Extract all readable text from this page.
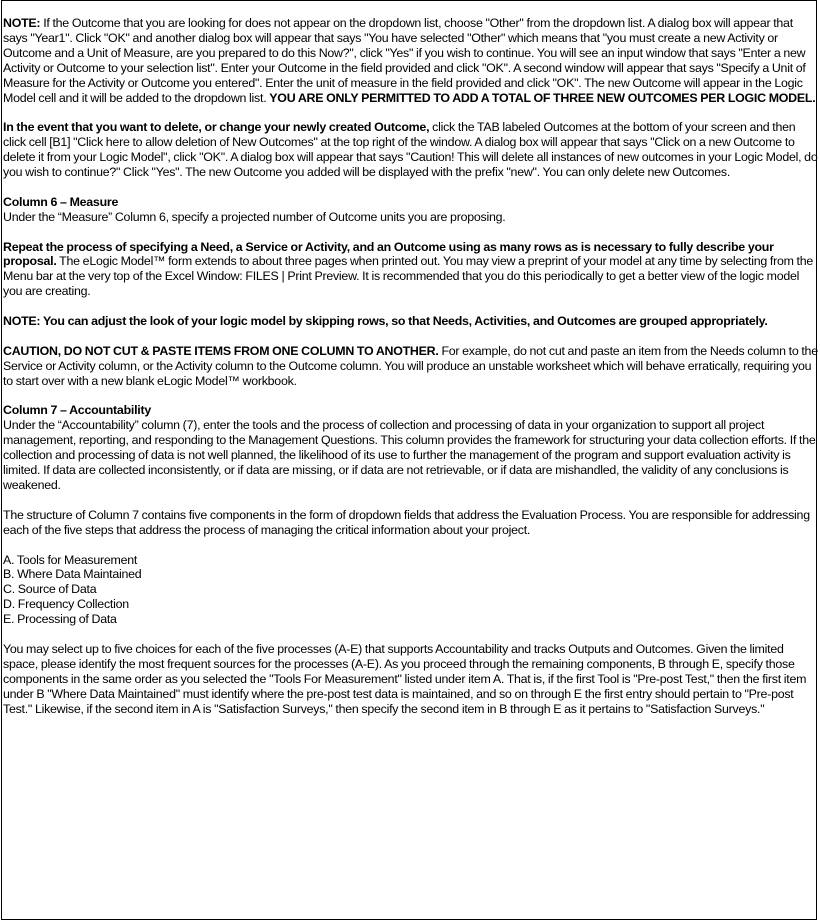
NOTE: If the Outcome that you are looking for does not appear on the dropdown list, choose "Other" from the dropdown list. A dialog box will appear that says "Year1". Click "OK" and another dialog box will appear that says "You have selected "Other" which means that "you must create a new Activity or Outcome and a Unit of Measure, are you prepared to do this Now?", click "Yes" if you wish to continue. You will see an input window that says "Enter a new Activity or Outcome to your selection list". Enter your Outcome in the field provided and click "OK". A second window will appear that says "Specify a Unit of Measure for the Activity or Outcome you entered". Enter the unit of measure in the field provided and click "OK". The new Outcome will appear in the Logic Model cell and it will be added to the dropdown list. YOU ARE ONLY PERMITTED TO ADD A TOTAL OF THREE NEW OUTCOMES PER LOGIC MODEL.

In the event that you want to delete, or change your newly created Outcome, click the TAB labeled Outcomes at the bottom of your screen and then click cell [B1] "Click here to allow deletion of New Outcomes" at the top right of the window. A dialog box will appear that says "Click on a new Outcome to delete it from your Logic Model", click "OK". A dialog box will appear that says "Caution! This will delete all instances of new outcomes in your Logic Model, do you wish to continue?" Click "Yes". The new Outcome you added will be displayed with the prefix "new". You can only delete new Outcomes.

Column 6 – Measure
Under the “Measure” Column 6, specify a projected number of Outcome units you are proposing.

Repeat the process of specifying a Need, a Service or Activity, and an Outcome using as many rows as is necessary to fully describe your proposal. The eLogic Model™ form extends to about three pages when printed out. You may view a preprint of your model at any time by selecting from the Menu bar at the very top of the Excel Window: FILES | Print Preview. It is recommended that you do this periodically to get a better view of the logic model you are creating.

NOTE: You can adjust the look of your logic model by skipping rows, so that Needs, Activities, and Outcomes are grouped appropriately.

CAUTION, DO NOT CUT & PASTE ITEMS FROM ONE COLUMN TO ANOTHER. For example, do not cut and paste an item from the Needs column to the Service or Activity column, or the Activity column to the Outcome column. You will produce an unstable worksheet which will behave erratically, requiring you to start over with a new blank eLogic Model™ workbook.

Column 7 – Accountability
Under the “Accountability” column (7), enter the tools and the process of collection and processing of data in your organization to support all project management, reporting, and responding to the Management Questions. This column provides the framework for structuring your data collection efforts. If the collection and processing of data is not well planned, the likelihood of its use to further the management of the program and support evaluation activity is limited. If data are collected inconsistently, or if data are missing, or if data are not retrievable, or if data are mishandled, the validity of any conclusions is weakened.

The structure of Column 7 contains five components in the form of dropdown fields that address the Evaluation Process. You are responsible for addressing each of the five steps that address the process of managing the critical information about your project.

A. Tools for Measurement
B. Where Data Maintained
C. Source of Data
D. Frequency Collection
E. Processing of Data

You may select up to five choices for each of the five processes (A-E) that supports Accountability and tracks Outputs and Outcomes. Given the limited space, please identify the most frequent sources for the processes (A-E). As you proceed through the remaining components, B through E, specify those components in the same order as you selected the "Tools For Measurement" listed under item A. That is, if the first Tool is "Pre-post Test," then the first item under B "Where Data Maintained" must identify where the pre-post test data is maintained, and so on through E the first entry should pertain to "Pre-post Test." Likewise, if the second item in A is "Satisfaction Surveys," then specify the second item in B through E as it pertains to "Satisfaction Surveys."
